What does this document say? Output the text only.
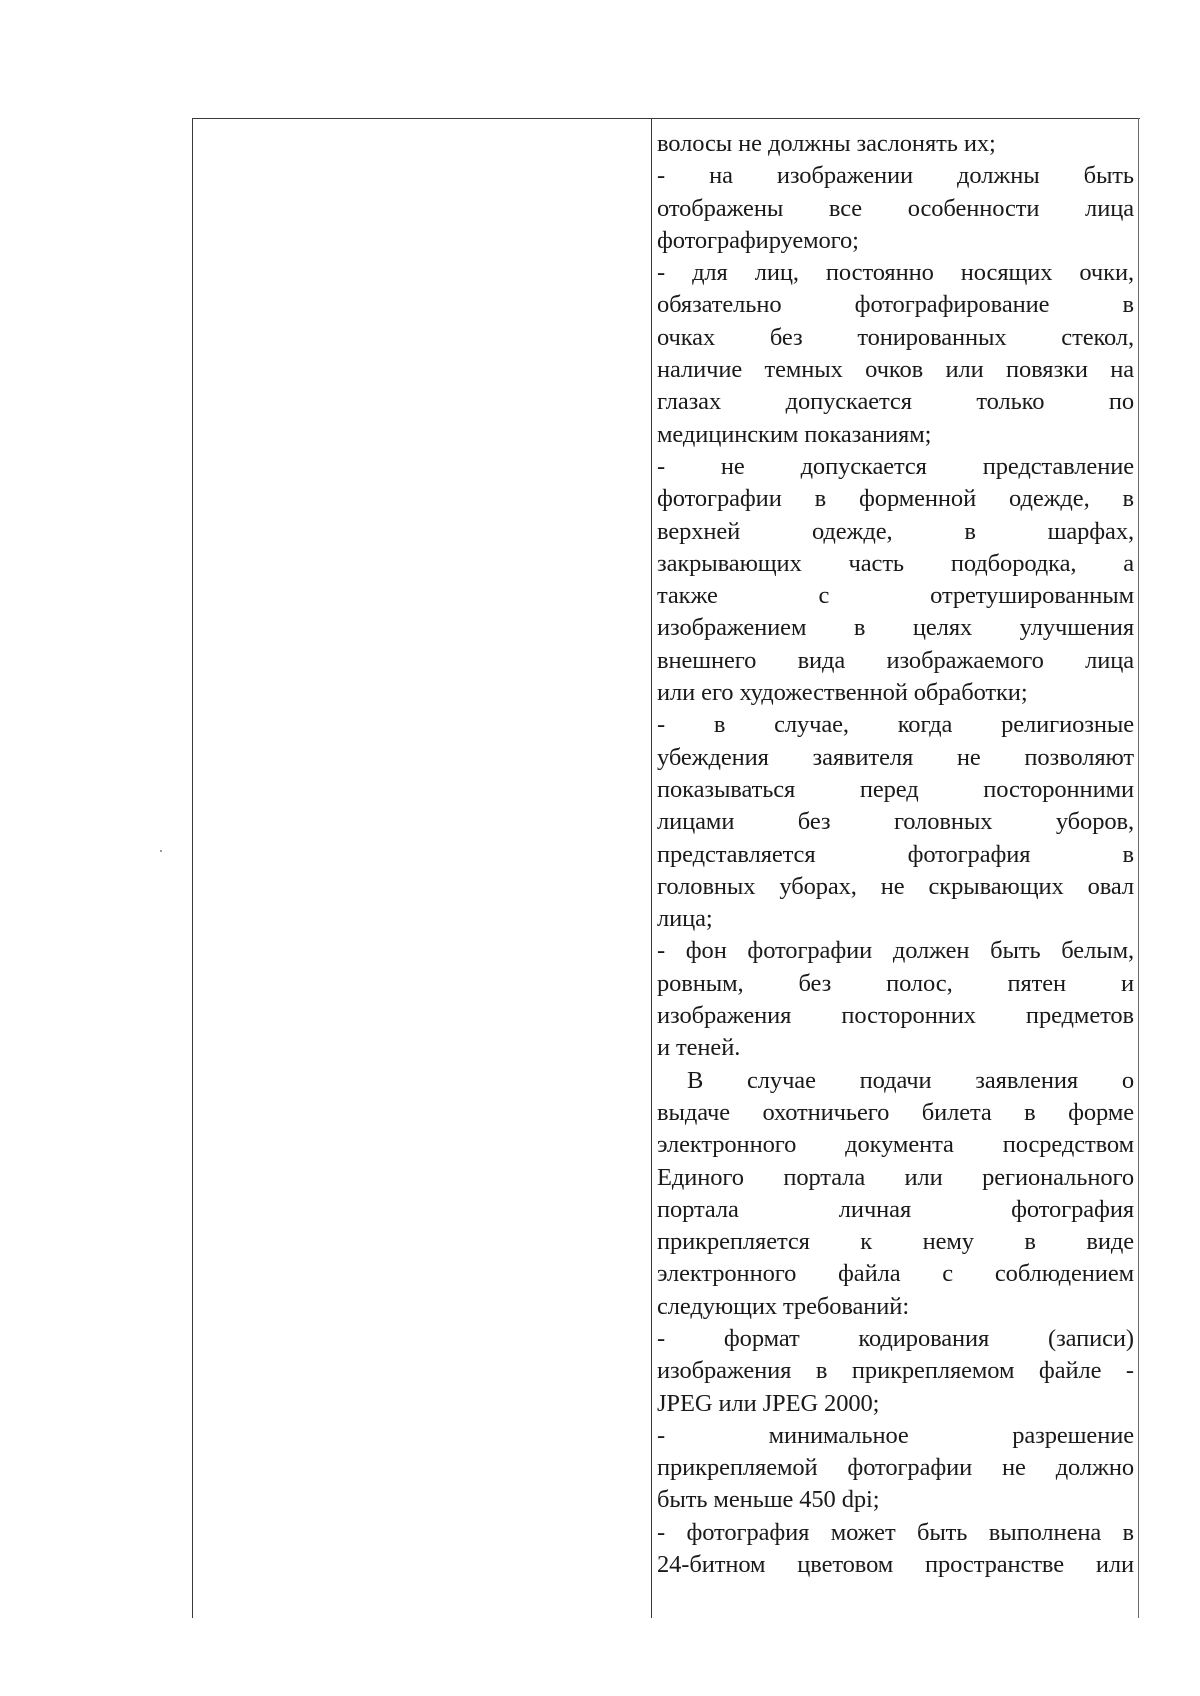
волосы не должны заслонять их;
- на изображении должны быть
отображены все особенности лица
фотографируемого;
- для лиц, постоянно носящих очки,
обязательно фотографирование в
очках без тонированных стекол,
наличие темных очков или повязки на
глазах допускается только по
медицинским показаниям;
- не допускается представление
фотографии в форменной одежде, в
верхней одежде, в шарфах,
закрывающих часть подбородка, а
также с отретушированным
изображением в целях улучшения
внешнего вида изображаемого лица
или его художественной обработки;
- в случае, когда религиозные
убеждения заявителя не позволяют
показываться перед посторонними
лицами без головных уборов,
представляется фотография в
головных уборах, не скрывающих овал
лица;
- фон фотографии должен быть белым,
ровным, без полос, пятен и
изображения посторонних предметов
и теней.
В случае подачи заявления о
выдаче охотничьего билета в форме
электронного документа посредством
Единого портала или регионального
портала личная фотография
прикрепляется к нему в виде
электронного файла с соблюдением
следующих требований:
- формат кодирования (записи)
изображения в прикрепляемом файле -
JPEG или JPEG 2000;
- минимальное разрешение
прикрепляемой фотографии не должно
быть меньше 450 dpi;
- фотография может быть выполнена в
24-битном цветовом пространстве или
